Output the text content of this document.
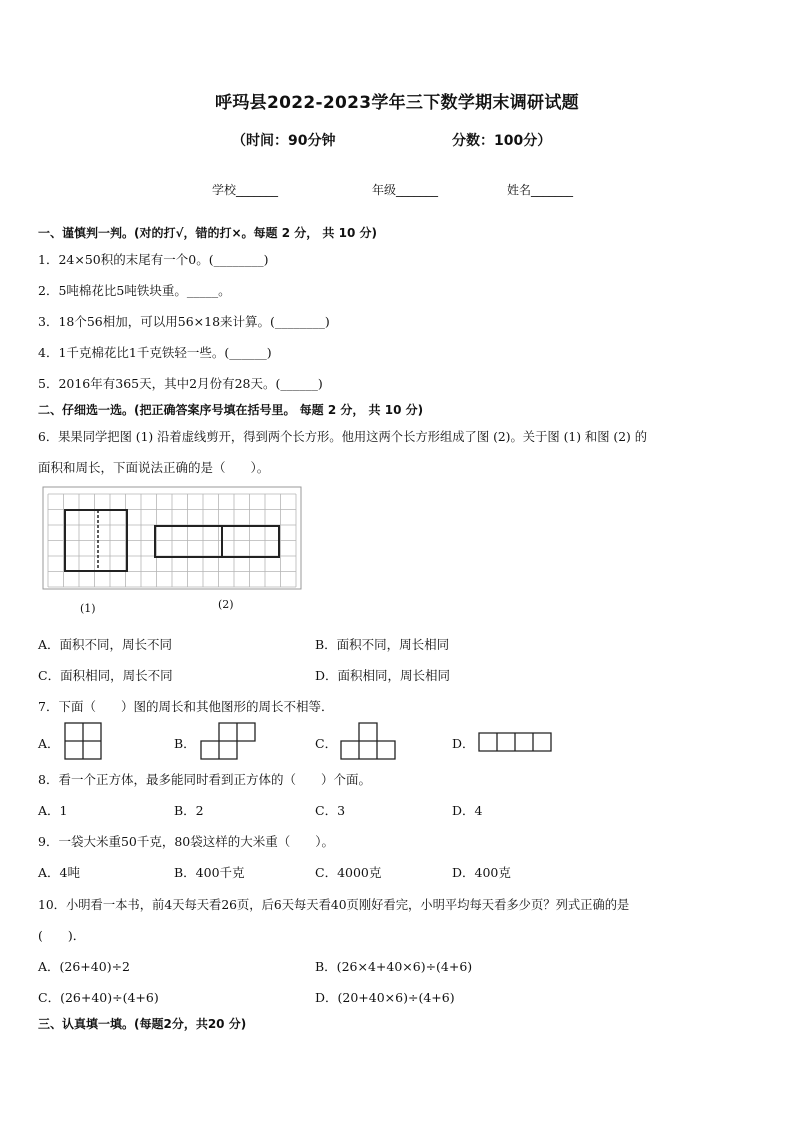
呼玛县2022-2023学年三下数学期末调研试题
（时间：90分钟	分数：100分）
学校_______	年级_______	姓名_______
一、谨慎判一判。(对的打√，错的打×。每题 2 分， 共 10 分)
1．24×50积的末尾有一个0。(________)
2．5吨棉花比5吨铁块重。_____。
3．18个56相加，可以用56×18来计算。(________)
4．1千克棉花比1千克铁轻一些。(______)
5．2016年有365天，其中2月份有28天。(______)
二、仔细选一选。(把正确答案序号填在括号里。 每题 2 分， 共 10 分)
6．果果同学把图 (1) 沿着虚线剪开，得到两个长方形。他用这两个长方形组成了图 (2)。关于图 (1) 和图 (2) 的
面积和周长，下面说法正确的是（　　）。
(1)	(2)
A．面积不同，周长不同	B．面积不同，周长相同
C．面积相同，周长不同	D．面积相同，周长相同
7．下面（　　）图的周长和其他图形的周长不相等．
A．	B．	C．	D．
8．看一个正方体，最多能同时看到正方体的（　　）个面。
A．1	B．2	C．3	D．4
9．一袋大米重50千克，80袋这样的大米重（　　）。
A．4吨	B．400千克	C．4000克	D．400克
10．小明看一本书，前4天每天看26页，后6天每天看40页刚好看完，小明平均每天看多少页？列式正确的是
(　　)．
A．(26+40)÷2	B．(26×4+40×6)÷(4+6)
C．(26+40)÷(4+6)	D．(20+40×6)÷(4+6)
三、认真填一填。(每题2分，共20 分)
